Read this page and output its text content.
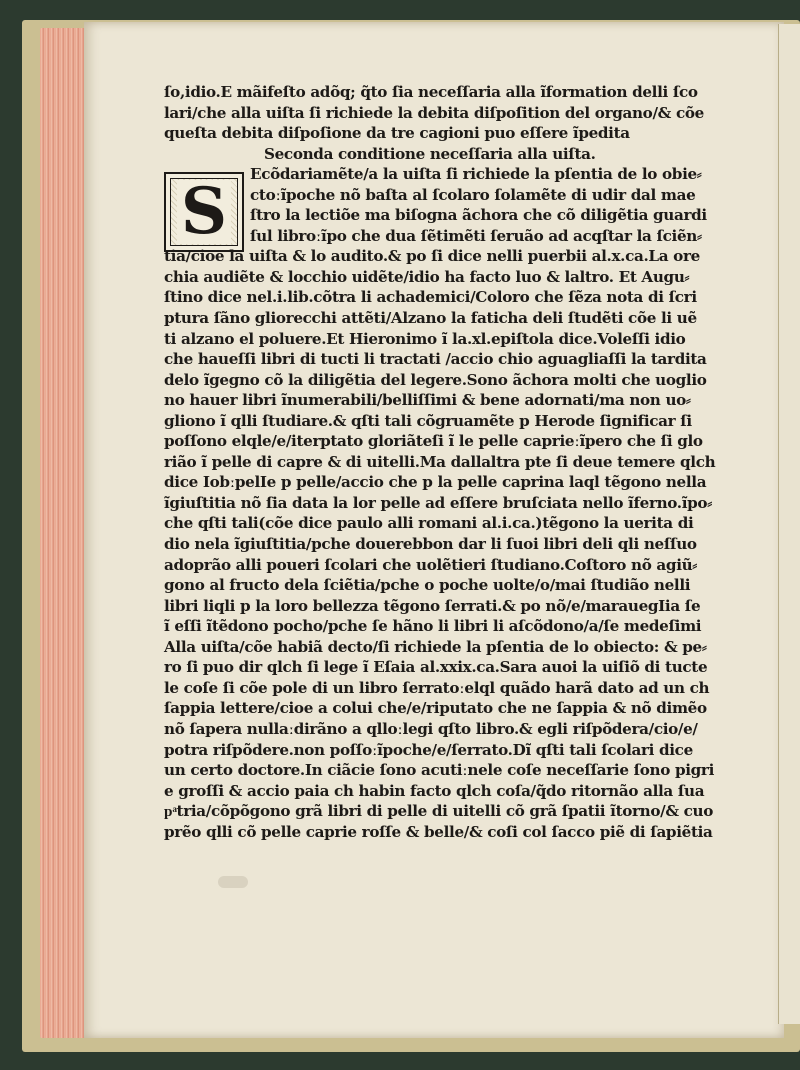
S
ſo,idio.E mãifeſto adõq; q̃to ſia neceſſaria alla ĩformation delli ſco
lari/che alla uiſta ſi richiede la debita diſpoſition del organo/& cõe
queſta debita diſpoſione da tre cagioni puo eſſere ĩpedita
Seconda conditione neceſſaria alla uiſta.
Ecõdariamẽte/a la uiſta ſi richiede la pſentia de lo obie⸗
ctoːĩpoche nõ baſta al ſcolaro ſolamẽte di udir dal mae
ſtro la lectiõe ma biſogna ãchora che cõ diligẽtia guardi
ſul libroːĩpo che dua ſẽtimẽti ſeruão ad acqſtar la ſciẽn⸗
tia/cioe la uiſta & lo audito.& po ſi dice nelli puerbii al.x.ca.La ore
chia audiẽte & locchio uidẽte/idio ha facto luo & laltro. Et Augu⸗
ſtino dice nel.i.lib.cõtra li achademici/Coloro che ſẽza nota di ſcri
ptura ſãno gliorecchi attẽti/Alzano la faticha deli ſtudẽti cõe li uẽ
ti alzano el poluere.Et Hieronimo ĩ la.xl.epiſtola dice.Voleſſi idio
che haueſſi libri di tucti li tractati /accio chio aguagliaſſi la tardita
delo ĩgegno cõ la diligẽtia del legere.Sono ãchora molti che uoglio
no hauer libri ĩnumerabili/belliſſimi & bene adornati/ma non uo⸗
gliono ĩ qlli ſtudiare.& qſti tali cõgruamẽte p Herode ſignificar ſi
poſſono elqle/e/iterptato gloriãteſi ĩ le pelle caprieːĩpero che ſi glo
rião ĩ pelle di capre & di uitelli.Ma dallaltra pte ſi deue temere qlch
dice IobːpelIe p pelle/accio che p la pelle caprina laql tẽgono nella
ĩgiuſtitia nõ ſia data la lor pelle ad eſſere bruſciata nello ĩferno.ĩpo⸗
che qſti tali(cõe dice paulo alli romani al.i.ca.)tẽgono la uerita di
dio nela ĩgiuſtitia/pche douerebbon dar li ſuoi libri deli qli neſſuo
adoprão alli poueri ſcolari che uolẽtieri ſtudiano.Coſtoro nõ agiũ⸗
gono al fructo dela ſciẽtia/pche o poche uolte/o/mai ſtudião nelli
libri liqli p la loro bellezza tẽgono ſerrati.& po nõ/e/marauegIia ſe
ĩ eſſi ĩtẽdono pocho/pche ſe hãno li libri li aſcõdono/a/ſe medeſimi
Alla uiſta/cõe habiã decto/ſi richiede la pſentia de lo obiecto: & pe⸗
ro ſi puo dir qlch ſi lege ĩ Eſaia al.xxix.ca.Sara auoi la uiſiõ di tucte
le coſe ſi cõe pole di un libro ſerratoːelql quãdo harã dato ad un ch
ſappia lettere/cioe a colui che/e/riputato che ne ſappia & nõ dimẽo
nõ ſapera nullaːdirãno a qlloːlegi qſto libro.& egli riſpõdera/cio/e/
potra riſpõdere.non poſſoːĩpoche/e/ſerrato.Dĩ qſti tali ſcolari dice
un certo doctore.In ciãcie ſono acutiːnele coſe neceſſarie ſono pigri
e groſſi & accio paia ch habin facto qlch coſa/q̃do ritornão alla ſua
pͣtria/cõpõgono grã libri di pelle di uitelli cõ grã ſpatii ĩtorno/& cuo
prẽo qlli cõ pelle caprie roſſe & belle/& coſi col ſacco piẽ di ſapiẽtia
